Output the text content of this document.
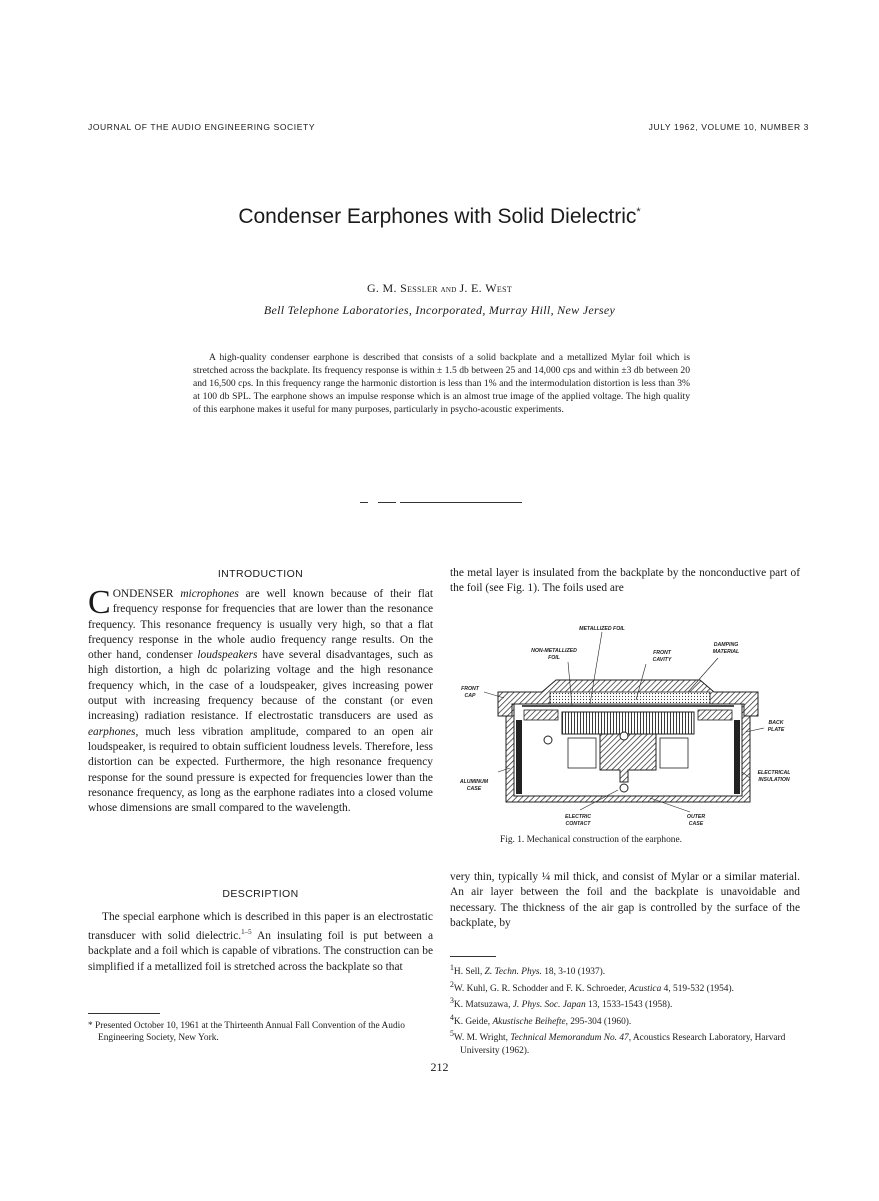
JOURNAL OF THE AUDIO ENGINEERING SOCIETY	JULY 1962, VOLUME 10, NUMBER 3
Condenser Earphones with Solid Dielectric*
G. M. Sessler and J. E. West
Bell Telephone Laboratories, Incorporated, Murray Hill, New Jersey
A high-quality condenser earphone is described that consists of a solid backplate and a metallized Mylar foil which is stretched across the backplate. Its frequency response is within ± 1.5 db between 25 and 14,000 cps and within ±3 db between 20 and 16,500 cps. In this frequency range the harmonic distortion is less than 1% and the intermodulation distortion is less than 3% at 100 db SPL. The earphone shows an impulse response which is an almost true image of the applied voltage. The high quality of this earphone makes it useful for many purposes, particularly in psycho-acoustic experiments.
INTRODUCTION

CONDENSER microphones are well known because of their flat frequency response for frequencies that are lower than the resonance frequency. This resonance frequency is usually very high, so that a flat frequency response in the whole audio frequency range results. On the other hand, condenser loudspeakers have several disadvantages, such as high distortion, a high dc polarizing voltage and the high resonance frequency which, in the case of a loudspeaker, gives increasing power output with increasing frequency because of the constant (or even increasing) radiation resistance. If electrostatic transducers are used as earphones, much less vibration amplitude, compared to an open air loudspeaker, is required to obtain sufficient loudness levels. Therefore, less distortion can be expected. Furthermore, the high resonance frequency response for the sound pressure is expected for frequencies lower than the resonance frequency, as long as the earphone radiates into a closed volume whose dimensions are small compared to the wavelength.

DESCRIPTION

The special earphone which is described in this paper is an electrostatic transducer with solid dielectric.$^{1-5}$ An insulating foil is put between a backplate and a foil which is capable of vibrations. The construction can be simplified if a metallized foil is stretched across the backplate so that

* Presented October 10, 1961 at the Thirteenth Annual Fall Convention of the Audio Engineering Society, New York.

the metal layer is insulated from the backplate by the nonconductive part of the foil (see Fig. 1). The foils used are
METALLIZED FOIL
NON-METALLIZED
FOIL
FRONT
CAVITY
DAMPING
MATERIAL
FRONT
CAP
BACK
PLATE
ELECTRICAL
INSULATION
ALUMINUM
CASE
ELECTRIC
CONTACT
OUTER
CASE
Fig. 1. Mechanical construction of the earphone.

very thin, typically ¼ mil thick, and consist of Mylar or a similar material. An air layer between the foil and the backplate is unavoidable and necessary. The thickness of the air gap is controlled by the surface of the backplate, by

$^1$H. Sell, Z. Techn. Phys. 18, 3-10 (1937).

$^2$W. Kuhl, G. R. Schodder and F. K. Schroeder, Acustica 4, 519-532 (1954).

$^3$K. Matsuzawa, J. Phys. Soc. Japan 13, 1533-1543 (1958).

$^4$K. Geide, Akustische Beihefte, 295-304 (1960).

$^5$W. M. Wright, Technical Memorandum No. 47, Acoustics Research Laboratory, Harvard University (1962).

212
